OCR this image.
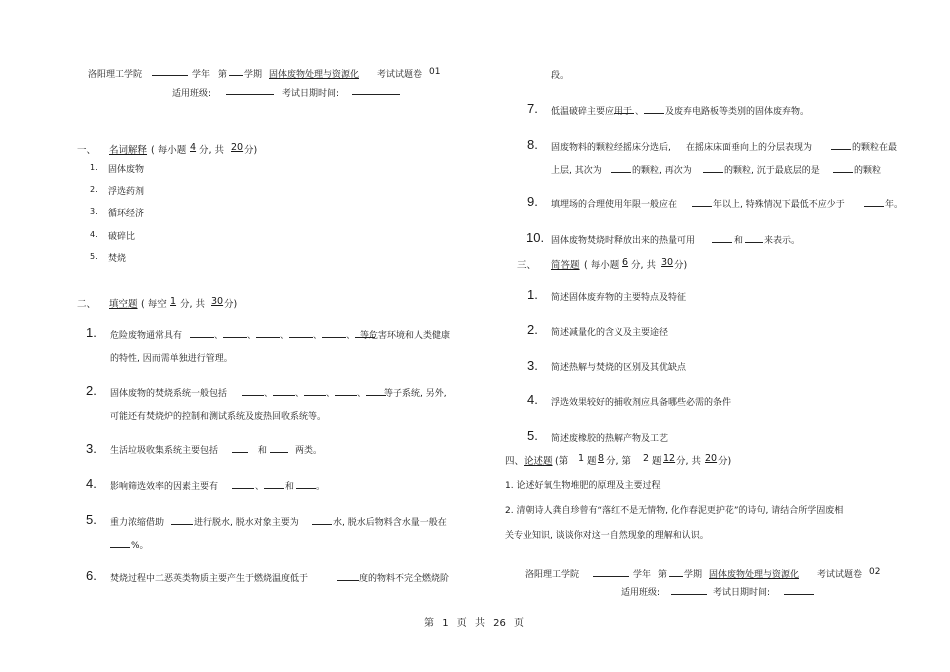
洛阳理工学院	学年 第 学期 固体废物处理与资源化 考试试题卷 01
适用班级:	考试日期时间:
一、 名词解释 ( 每小题 4 分, 共 20 分)
1. 固体废物
2. 浮选药剂
3. 循环经济
4. 破碎比
5. 焚烧
二、 填空题 ( 每空 1 分, 共 30 分)
1. 危险废物通常具有	、	、	、	、	、 等危害环境和人类健康
的特性, 因而需单独进行管理。
2. 固体废物的焚烧系统一般包括	、 、 、 、	等子系统, 另外,
可能还有焚烧炉的控制和测试系统及废热回收系统等。
3. 生活垃圾收集系统主要包括	和	两类。
4. 影响筛选效率的因素主要有	、 和 。
5. 重力浓缩借助	进行脱水, 脱水对象主要为	水, 脱水后物料含水量一般在
%。
6. 焚烧过程中二恶英类物质主要产生于燃烧温度低于	度的物料不完全燃烧阶
段。
7. 低温破碎主要应用于 、 及废弃电路板等类别的固体废弃物。
8. 固废物料的颗粒经摇床分选后, 在摇床床面垂向上的分层表现为	的颗粒在最
上层, 其次为	的颗粒, 再次为	的颗粒, 沉于最底层的是	的颗粒
9. 填埋场的合理使用年限一般应在	年以上, 特殊情况下最低不应少于	年。
10. 固体废物焚烧时释放出来的热量可用	和 来表示。
三、 简答题 ( 每小题 6 分, 共 30 分)
1. 简述固体废弃物的主要特点及特征
2. 简述减量化的含义及主要途径
3. 简述热解与焚烧的区别及其优缺点
4. 浮选效果较好的捕收剂应具备哪些必需的条件
5. 简述废橡胶的热解产物及工艺
四、 论述题 (第 1 题 8 分, 第 2 题 12 分, 共 20 分)
1. 论述好氧生物堆肥的原理及主要过程
2. 清朝诗人龚自珍曾有“落红不是无情物, 化作春泥更护花”的诗句, 请结合所学固废相
关专业知识, 谈谈你对这一自然现象的理解和认识。
洛阳理工学院	学年 第 学期 固体废物处理与资源化 考试试题卷 02
适用班级:	考试日期时间:
第 1 页 共 26 页
